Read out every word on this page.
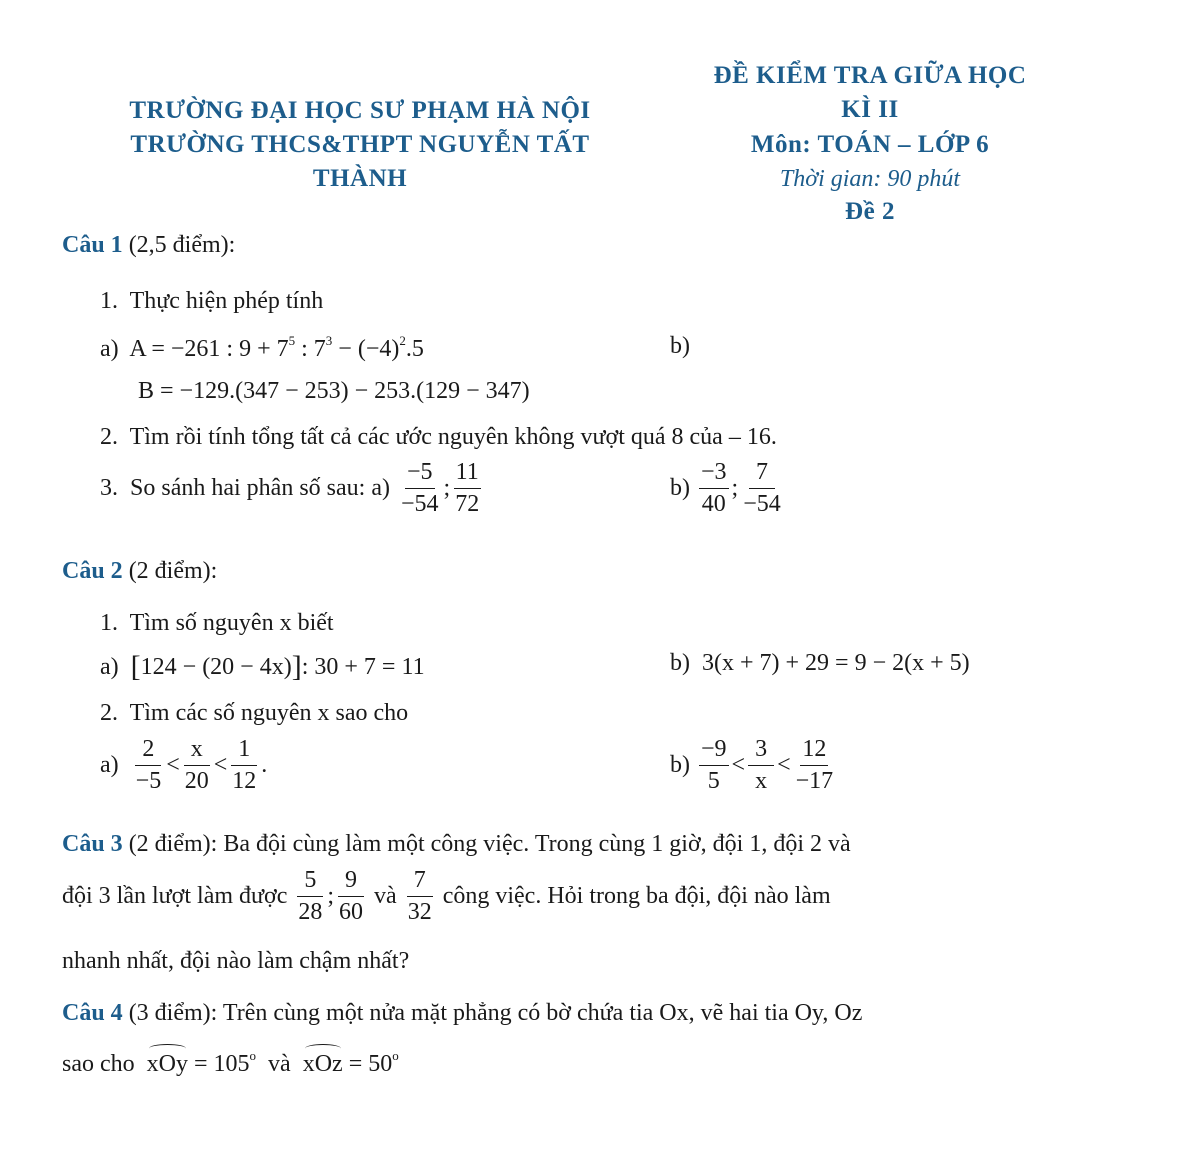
TRƯỜNG ĐẠI HỌC SƯ PHẠM HÀ NỘI
TRƯỜNG THCS&THPT NGUYỄN TẤT
THÀNH
ĐỀ KIỂM TRA GIỮA HỌC
KÌ II
Môn: TOÁN – LỚP 6
Thời gian: 90 phút
Đề 2
Câu 1 (2,5 điểm):
1. Thực hiện phép tính
a) A = −261 : $9 + 7^5$ : $7^3 - (-4)^2.5$	b)
B = −129.(347 − 253) − 253.(129 − 347)
2. Tìm rồi tính tổng tất cả các ước nguyên không vượt quá 8 của – 16.
3.
So sánh hai phân số sau: a)
$\frac{-5}{-54}$ ; $\frac{11}{72}$	b)
$\frac{-3}{40}$ ; $\frac{7}{-54}$
Câu 2 (2 điểm):
1. Tìm số nguyên x biết
a) [124 − (20 − 4x)]: 30 + 7 = 11	b) 3(x + 7) + 29 = 9 − 2(x + 5)
2. Tìm các số nguyên x sao cho
a)
$\frac{2}{-5} < \frac{x}{20} < \frac{1}{12}$ .	b)
$\frac{-9}{5} < \frac{3}{x} < \frac{12}{-17}$
Câu 3 (2 điểm): Ba đội cùng làm một công việc. Trong cùng 1 giờ, đội 1, đội 2 và
đội 3 lần lượt làm được
$\frac{5}{28}$ ; $\frac{9}{60}$
và
$\frac{7}{32}$
công việc. Hỏi trong ba đội, đội nào làm
nhanh nhất, đội nào làm chậm nhất?
Câu 4 (3 điểm): Trên cùng một nửa mặt phẳng có bờ chứa tia Ox, vẽ hai tia Oy, Oz
sao cho xOy = $105^o$ và xOz = $50^o$
